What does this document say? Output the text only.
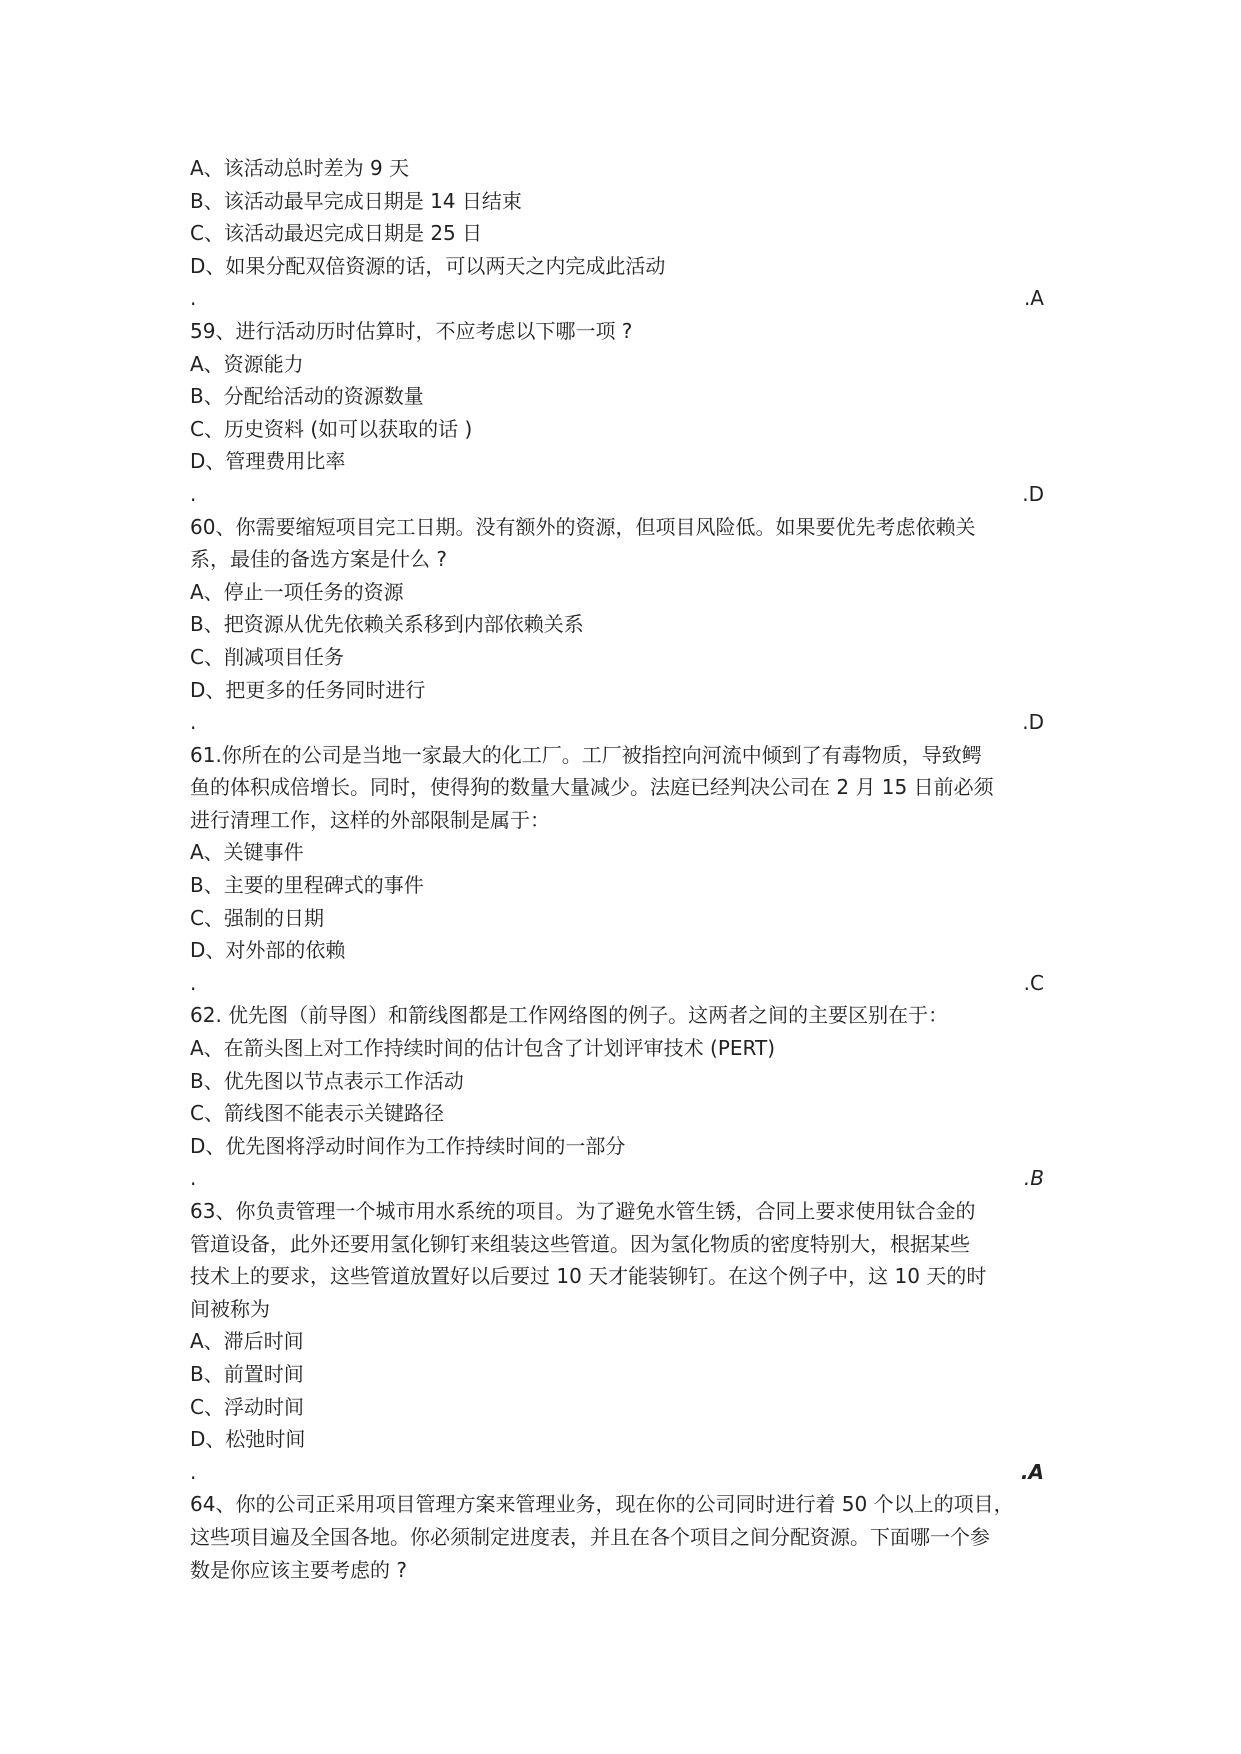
A、该活动总时差为 9 天
B、该活动最早完成日期是 14 日结束
C、该活动最迟完成日期是 25 日
D、如果分配双倍资源的话，可以两天之内完成此活动
.	.A
59、进行活动历时估算时，不应考虑以下哪一项 ?
A、资源能力
B、分配给活动的资源数量
C、历史资料 (如可以获取的话 )
D、管理费用比率
.	.D
60、你需要缩短项目完工日期。没有额外的资源，但项目风险低。如果要优先考虑依赖关
系，最佳的备选方案是什么 ?
A、停止一项任务的资源
B、把资源从优先依赖关系移到内部依赖关系
C、削减项目任务
D、把更多的任务同时进行
.	.D
61.你所在的公司是当地一家最大的化工厂。工厂被指控向河流中倾到了有毒物质，导致鳄
鱼的体积成倍增长。同时，使得狗的数量大量减少。法庭已经判决公司在 2 月 15 日前必须
进行清理工作，这样的外部限制是属于：
A、关键事件
B、主要的里程碑式的事件
C、强制的日期
D、对外部的依赖
.	.C
62. 优先图（前导图）和箭线图都是工作网络图的例子。这两者之间的主要区别在于：
A、在箭头图上对工作持续时间的估计包含了计划评审技术 (PERT)
B、优先图以节点表示工作活动
C、箭线图不能表示关键路径
D、优先图将浮动时间作为工作持续时间的一部分
.	.B
63、你负责管理一个城市用水系统的项目。为了避免水管生锈，合同上要求使用钛合金的
管道设备，此外还要用氢化铆钉来组装这些管道。因为氢化物质的密度特别大，根据某些
技术上的要求，这些管道放置好以后要过 10 天才能装铆钉。在这个例子中，这 10 天的时
间被称为
A、滞后时间
B、前置时间
C、浮动时间
D、松弛时间
.	.A
64、你的公司正采用项目管理方案来管理业务，现在你的公司同时进行着 50 个以上的项目，
这些项目遍及全国各地。你必须制定进度表，并且在各个项目之间分配资源。下面哪一个参
数是你应该主要考虑的 ?
